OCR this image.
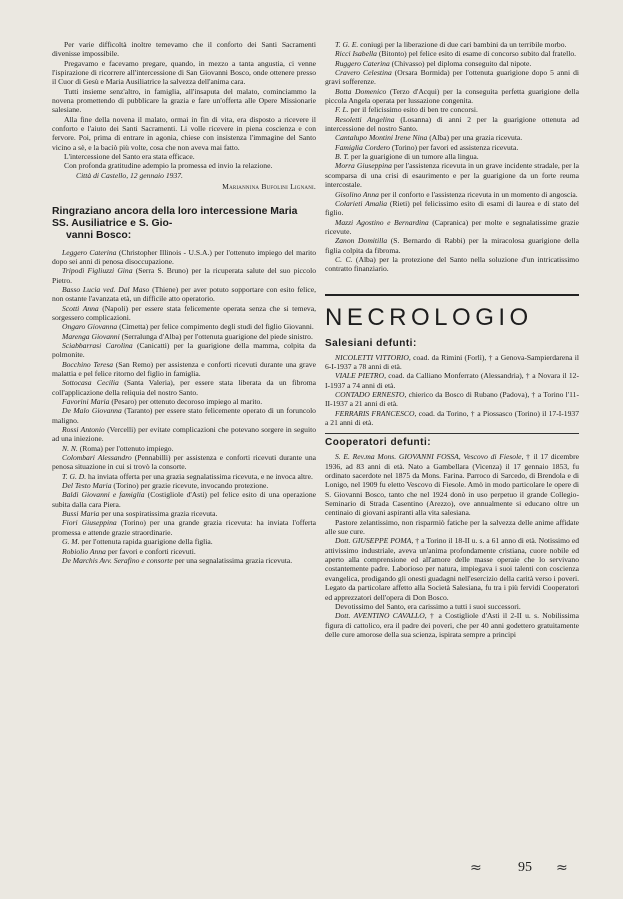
Per varie difficoltà inoltre temevamo che il conforto dei Santi Sacramenti divenisse impossibile.

Pregavamo e facevamo pregare, quando, in mezzo a tanta angustia, ci venne l'ispirazione di ricorrere all'intercessione di San Giovanni Bosco, onde ottenere presso il Cuor di Gesù e Maria Ausiliatrice la salvezza dell'anima cara.

Tutti insieme senz'altro, in famiglia, all'insaputa del malato, cominciammo la novena promettendo di pubblicare la grazia e fare un'offerta alle Opere Missionarie salesiane.

Alla fine della novena il malato, ormai in fin di vita, era disposto a ricevere il conforto e l'aiuto dei Santi Sacramenti. Li volle ricevere in piena coscienza e con fervore. Poi, prima di entrare in agonia, chiese con insistenza l'immagine del Santo vicino a sè, e la baciò più volte, cosa che non aveva mai fatto.

L'intercessione del Santo era stata efficace.

Con profonda gratitudine adempio la promessa ed invio la relazione.

Città di Castello, 12 gennaio 1937.

Mariannina Bufolini Lignani.

Ringraziano ancora della loro intercessione Maria SS. Ausiliatrice e S. Gio-
vanni Bosco:

Leggero Caterina (Christopher Illinois - U.S.A.) per l'ottenuto impiego del marito dopo sei anni di penosa disoccupazione.

Tripodi Figliuzzi Gina (Serra S. Bruno) per la ricuperata salute del suo piccolo Pietro.

Basso Lucia ved. Dal Maso (Thiene) per aver potuto sopportare con esito felice, non ostante l'avanzata età, un difficile atto operatorio.

Scotti Anna (Napoli) per essere stata felicemente operata senza che si temeva, sorgessero complicazioni.

Ongaro Giovanna (Cimetta) per felice compimento degli studi del figlio Giovanni.

Marenga Giovanni (Serralunga d'Alba) per l'ottenuta guarigione del piede sinistro.

Sciabbarrasi Carolina (Canicatti) per la guarigione della mamma, colpita da polmonite.

Bocchino Teresa (San Remo) per assistenza e conforti ricevuti durante una grave malattia e pel felice ritorno del figlio in famiglia.

Sottocasa Cecilia (Santa Valeria), per essere stata liberata da un fibroma coll'applicazione della reliquia del nostro Santo.

Favorini Maria (Pesaro) per ottenuto decoroso impiego al marito.

De Malo Giovanna (Taranto) per essere stato felicemente operato di un foruncolo maligno.

Rossi Antonio (Vercelli) per evitate complicazioni che potevano sorgere in seguito ad una iniezione.

N. N. (Roma) per l'ottenuto impiego.

Colombari Alessandro (Pennabilli) per assistenza e conforti ricevuti durante una penosa situazione in cui si trovò la consorte.

T. G. D. ha inviata offerta per una grazia segnalatissima ricevuta, e ne invoca altre.

Del Testo Maria (Torino) per grazie ricevute, invocando protezione.

Baldi Giovanni e famiglia (Costigliole d'Asti) pel felice esito di una operazione subita dalla cara Piera.

Bussi Maria per una sospiratissima grazia ricevuta.

Fiori Giuseppina (Torino) per una grande grazia ricevuta: ha inviata l'offerta promessa e attende grazie straordinarie.

G. M. per l'ottenuta rapida guarigione della figlia.

Robiolio Anna per favori e conforti ricevuti.

De Marchis Avv. Serafino e consorte per una segnalatissima grazia ricevuta.

T. G. E. coniugi per la liberazione di due cari bambini da un terribile morbo.

Ricci Isabella (Bitonto) pel felice esito di esame di concorso subito dal fratello.

Ruggero Caterina (Chivasso) pel diploma conseguito dal nipote.

Cravero Celestina (Orsara Bormida) per l'ottenuta guarigione dopo 5 anni di gravi sofferenze.

Botta Domenico (Terzo d'Acqui) per la conseguita perfetta guarigione della piccola Angela operata per lussazione congenita.

F. L. per il felicissimo esito di ben tre concorsi.

Resoletti Angelina (Losanna) di anni 2 per la guarigione ottenuta ad intercessione del nostro Santo.

Cantalupo Montini Irene Nina (Alba) per una grazia ricevuta.

Famiglia Cordero (Torino) per favori ed assistenza ricevuta.

B. T. per la guarigione di un tumore alla lingua.

Morra Giuseppina per l'assistenza ricevuta in un grave incidente stradale, per la scomparsa di una crisi di esaurimento e per la guarigione da un forte reuma intercostale.

Gisolino Anna per il conforto e l'assistenza ricevuta in un momento di angoscia.

Colarieti Amalia (Rieti) pel felicissimo esito di esami di laurea e di stato del figlio.

Mazzi Agostino e Bernardina (Capranica) per molte e segnalatissime grazie ricevute.

Zanon Domitilla (S. Bernardo di Rabbi) per la miracolosa guarigione della figlia colpita da fibroma.

C. C. (Alba) per la protezione del Santo nella soluzione d'un intricatissimo contratto finanziario.

NECROLOGIO
Salesiani defunti:

NICOLETTI VITTORIO, coad. da Rimini (Forlì), † a Genova-Sampierdarena il 6-I-1937 a 78 anni di età.

VIALE PIETRO, coad. da Calliano Monferrato (Alessandria), † a Novara il 12-I-1937 a 74 anni di età.

CONTADO ERNESTO, chierico da Bosco di Rubano (Padova), † a Torino l'11-II-1937 a 21 anni di età.

FERRARIS FRANCESCO, coad. da Torino, † a Piossasco (Torino) il 17-I-1937 a 21 anni di età.

Cooperatori defunti:

S. E. Rev.ma Mons. GIOVANNI FOSSA, Vescovo di Fiesole, † il 17 dicembre 1936, ad 83 anni di età. Nato a Gambellara (Vicenza) il 17 gennaio 1853, fu ordinato sacerdote nel 1875 da Mons. Farina. Parroco di Sarcedo, di Brendola e di Lonigo, nel 1909 fu eletto Vescovo di Fiesole. Amò in modo particolare le opere di S. Giovanni Bosco, tanto che nel 1924 donò in uso perpetuo il grande Collegio-Seminario di Strada Casentino (Arezzo), ove annualmente si educano oltre un centinaio di giovani aspiranti alla vita salesiana.

Pastore zelantissimo, non risparmiò fatiche per la salvezza delle anime affidate alle sue cure.

Dott. GIUSEPPE POMA, † a Torino il 18-II u. s. a 61 anno di età. Notissimo ed attivissimo industriale, aveva un'anima profondamente cristiana, cuore nobile ed aperto alla comprensione ed all'amore delle masse operaie che lo servivano costantemente padre. Laborioso per natura, impiegava i suoi talenti con coscienza evangelica, prodigando gli onesti guadagni nell'esercizio della carità verso i poveri. Legato da particolare affetto alla Società Salesiana, fu tra i più fervidi Cooperatori ed apprezzatori dell'opera di Don Bosco.

Devotissimo del Santo, era carissimo a tutti i suoi successori.

Dott. AVENTINO CAVALLO, † a Costigliole d'Asti il 2-II u. s. Nobilissima figura di cattolico, era il padre dei poveri, che per 40 anni godettero gratuitamente delle cure amorose della sua scienza, ispirata sempre a principi

≈	95 ≈
